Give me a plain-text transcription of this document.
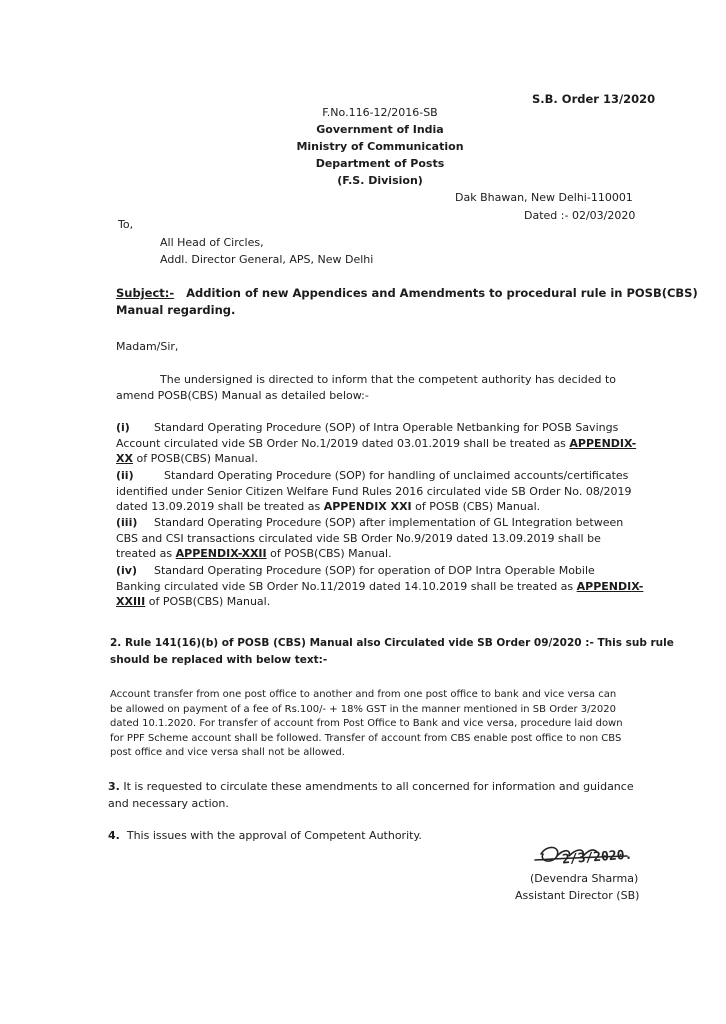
S.B. Order 13/2020
F.No.116-12/2016-SB
Government of India
Ministry of Communication
Department of Posts
(F.S. Division)
Dak Bhawan, New Delhi-110001
Dated :- 02/03/2020
To,
All Head of Circles,
Addl. Director General, APS, New Delhi
Subject:- Addition of new Appendices and Amendments to procedural rule in POSB(CBS)
Manual regarding.
Madam/Sir,
The undersigned is directed to inform that the competent authority has decided to
amend POSB(CBS) Manual as detailed below:-
(i) Standard Operating Procedure (SOP) of Intra Operable Netbanking for POSB Savings
Account circulated vide SB Order No.1/2019 dated 03.01.2019 shall be treated as APPENDIX-
XX of POSB(CBS) Manual.
(ii)	Standard Operating Procedure (SOP) for handling of unclaimed accounts/certificates
identified under Senior Citizen Welfare Fund Rules 2016 circulated vide SB Order No. 08/2019
dated 13.09.2019 shall be treated as APPENDIX XXI of POSB (CBS) Manual.
(iii) Standard Operating Procedure (SOP) after implementation of GL Integration between
CBS and CSI transactions circulated vide SB Order No.9/2019 dated 13.09.2019 shall be
treated as APPENDIX-XXII of POSB(CBS) Manual.
(iv) Standard Operating Procedure (SOP) for operation of DOP Intra Operable Mobile
Banking circulated vide SB Order No.11/2019 dated 14.10.2019 shall be treated as APPENDIX-
XXIII of POSB(CBS) Manual.
2. Rule 141(16)(b) of POSB (CBS) Manual also Circulated vide SB Order 09/2020 :- This sub rule
should be replaced with below text:-
Account transfer from one post office to another and from one post office to bank and vice versa can
be allowed on payment of a fee of Rs.100/- + 18% GST in the manner mentioned in SB Order 3/2020
dated 10.1.2020. For transfer of account from Post Office to Bank and vice versa, procedure laid down
for PPF Scheme account shall be followed. Transfer of account from CBS enable post office to non CBS
post office and vice versa shall not be allowed.
3. It is requested to circulate these amendments to all concerned for information and guidance
and necessary action.
4. This issues with the approval of Competent Authority.
2/3/2020.
(Devendra Sharma)
Assistant Director (SB)
